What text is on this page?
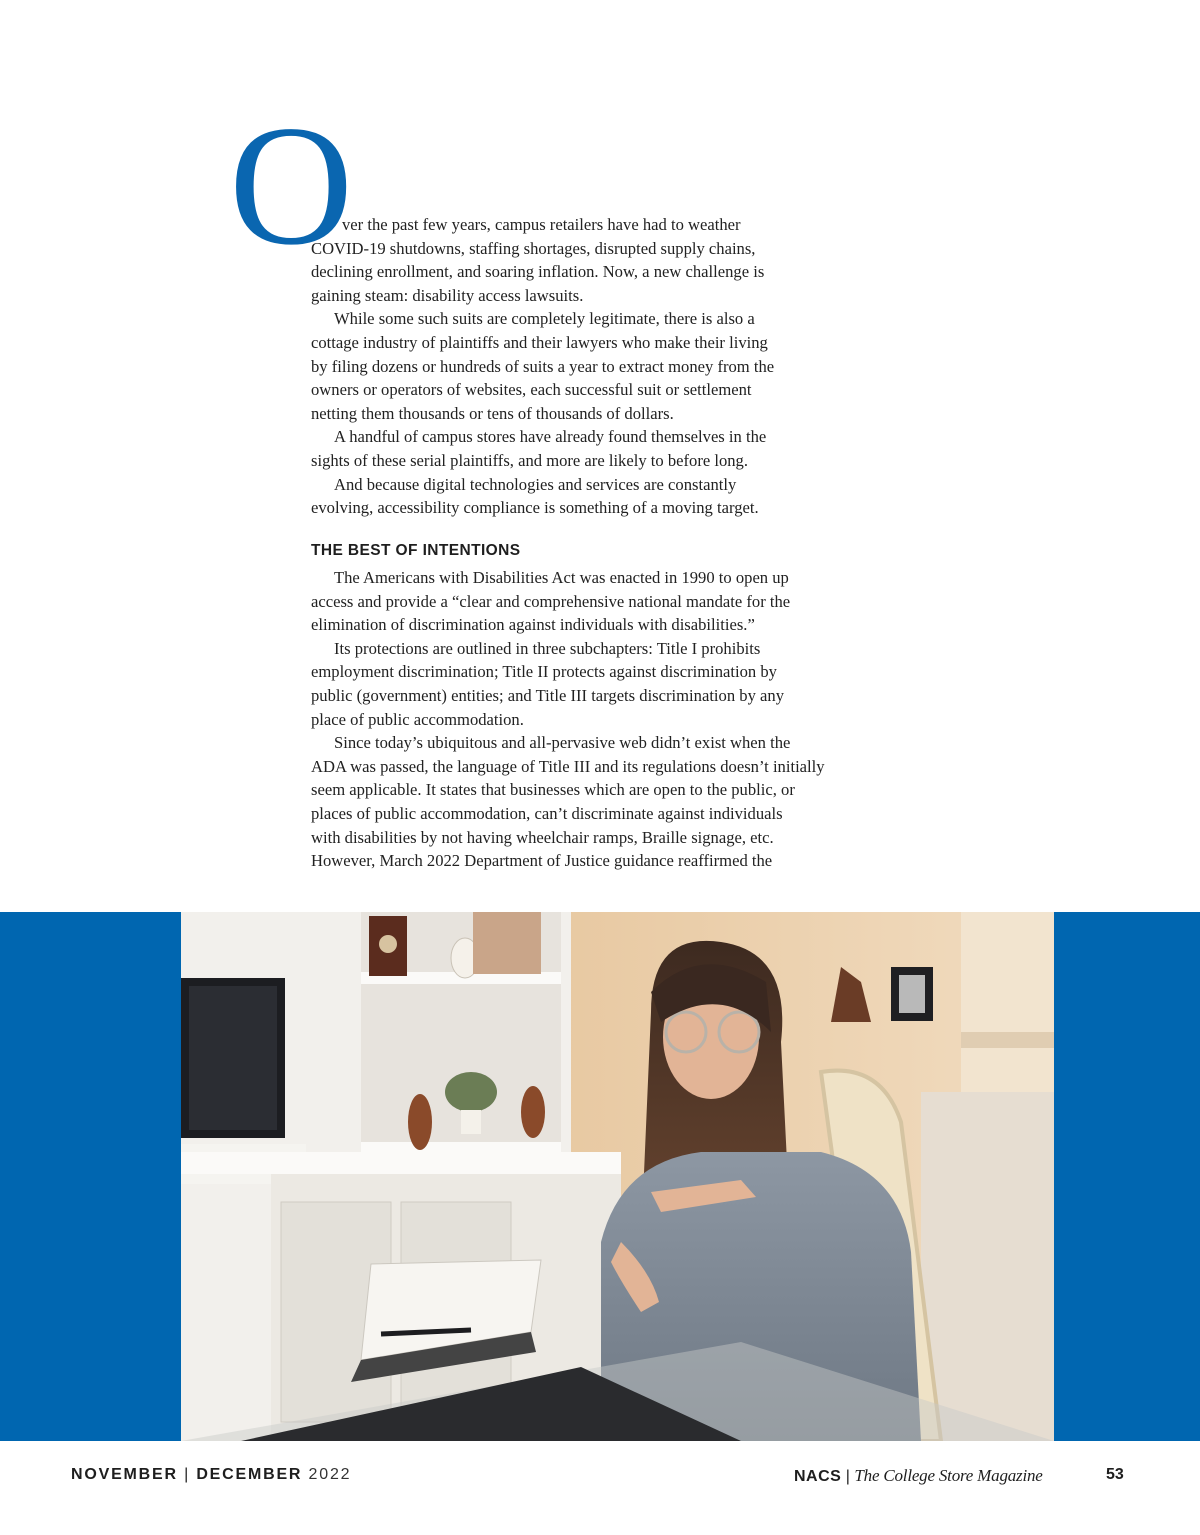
O
ver the past few years, campus retailers have had to weather
COVID-19 shutdowns, staffing shortages, disrupted supply chains,
declining enrollment, and soaring inflation. Now, a new challenge is
gaining steam: disability access lawsuits.
While some such suits are completely legitimate, there is also a
cottage industry of plaintiffs and their lawyers who make their living
by filing dozens or hundreds of suits a year to extract money from the
owners or operators of websites, each successful suit or settlement
netting them thousands or tens of thousands of dollars.
A handful of campus stores have already found themselves in the
sights of these serial plaintiffs, and more are likely to before long.
And because digital technologies and services are constantly
evolving, accessibility compliance is something of a moving target.
THE BEST OF INTENTIONS
The Americans with Disabilities Act was enacted in 1990 to open up
access and provide a “clear and comprehensive national mandate for the
elimination of discrimination against individuals with disabilities.”
Its protections are outlined in three subchapters: Title I prohibits
employment discrimination; Title II protects against discrimination by
public (government) entities; and Title III targets discrimination by any
place of public accommodation.
Since today’s ubiquitous and all-pervasive web didn’t exist when the
ADA was passed, the language of Title III and its regulations doesn’t initially
seem applicable. It states that businesses which are open to the public, or
places of public accommodation, can’t discriminate against individuals
with disabilities by not having wheelchair ramps, Braille signage, etc.
However, March 2022 Department of Justice guidance reaffirmed the
NOVEMBER | DECEMBER 2022	NACS | The College Store Magazine	53
